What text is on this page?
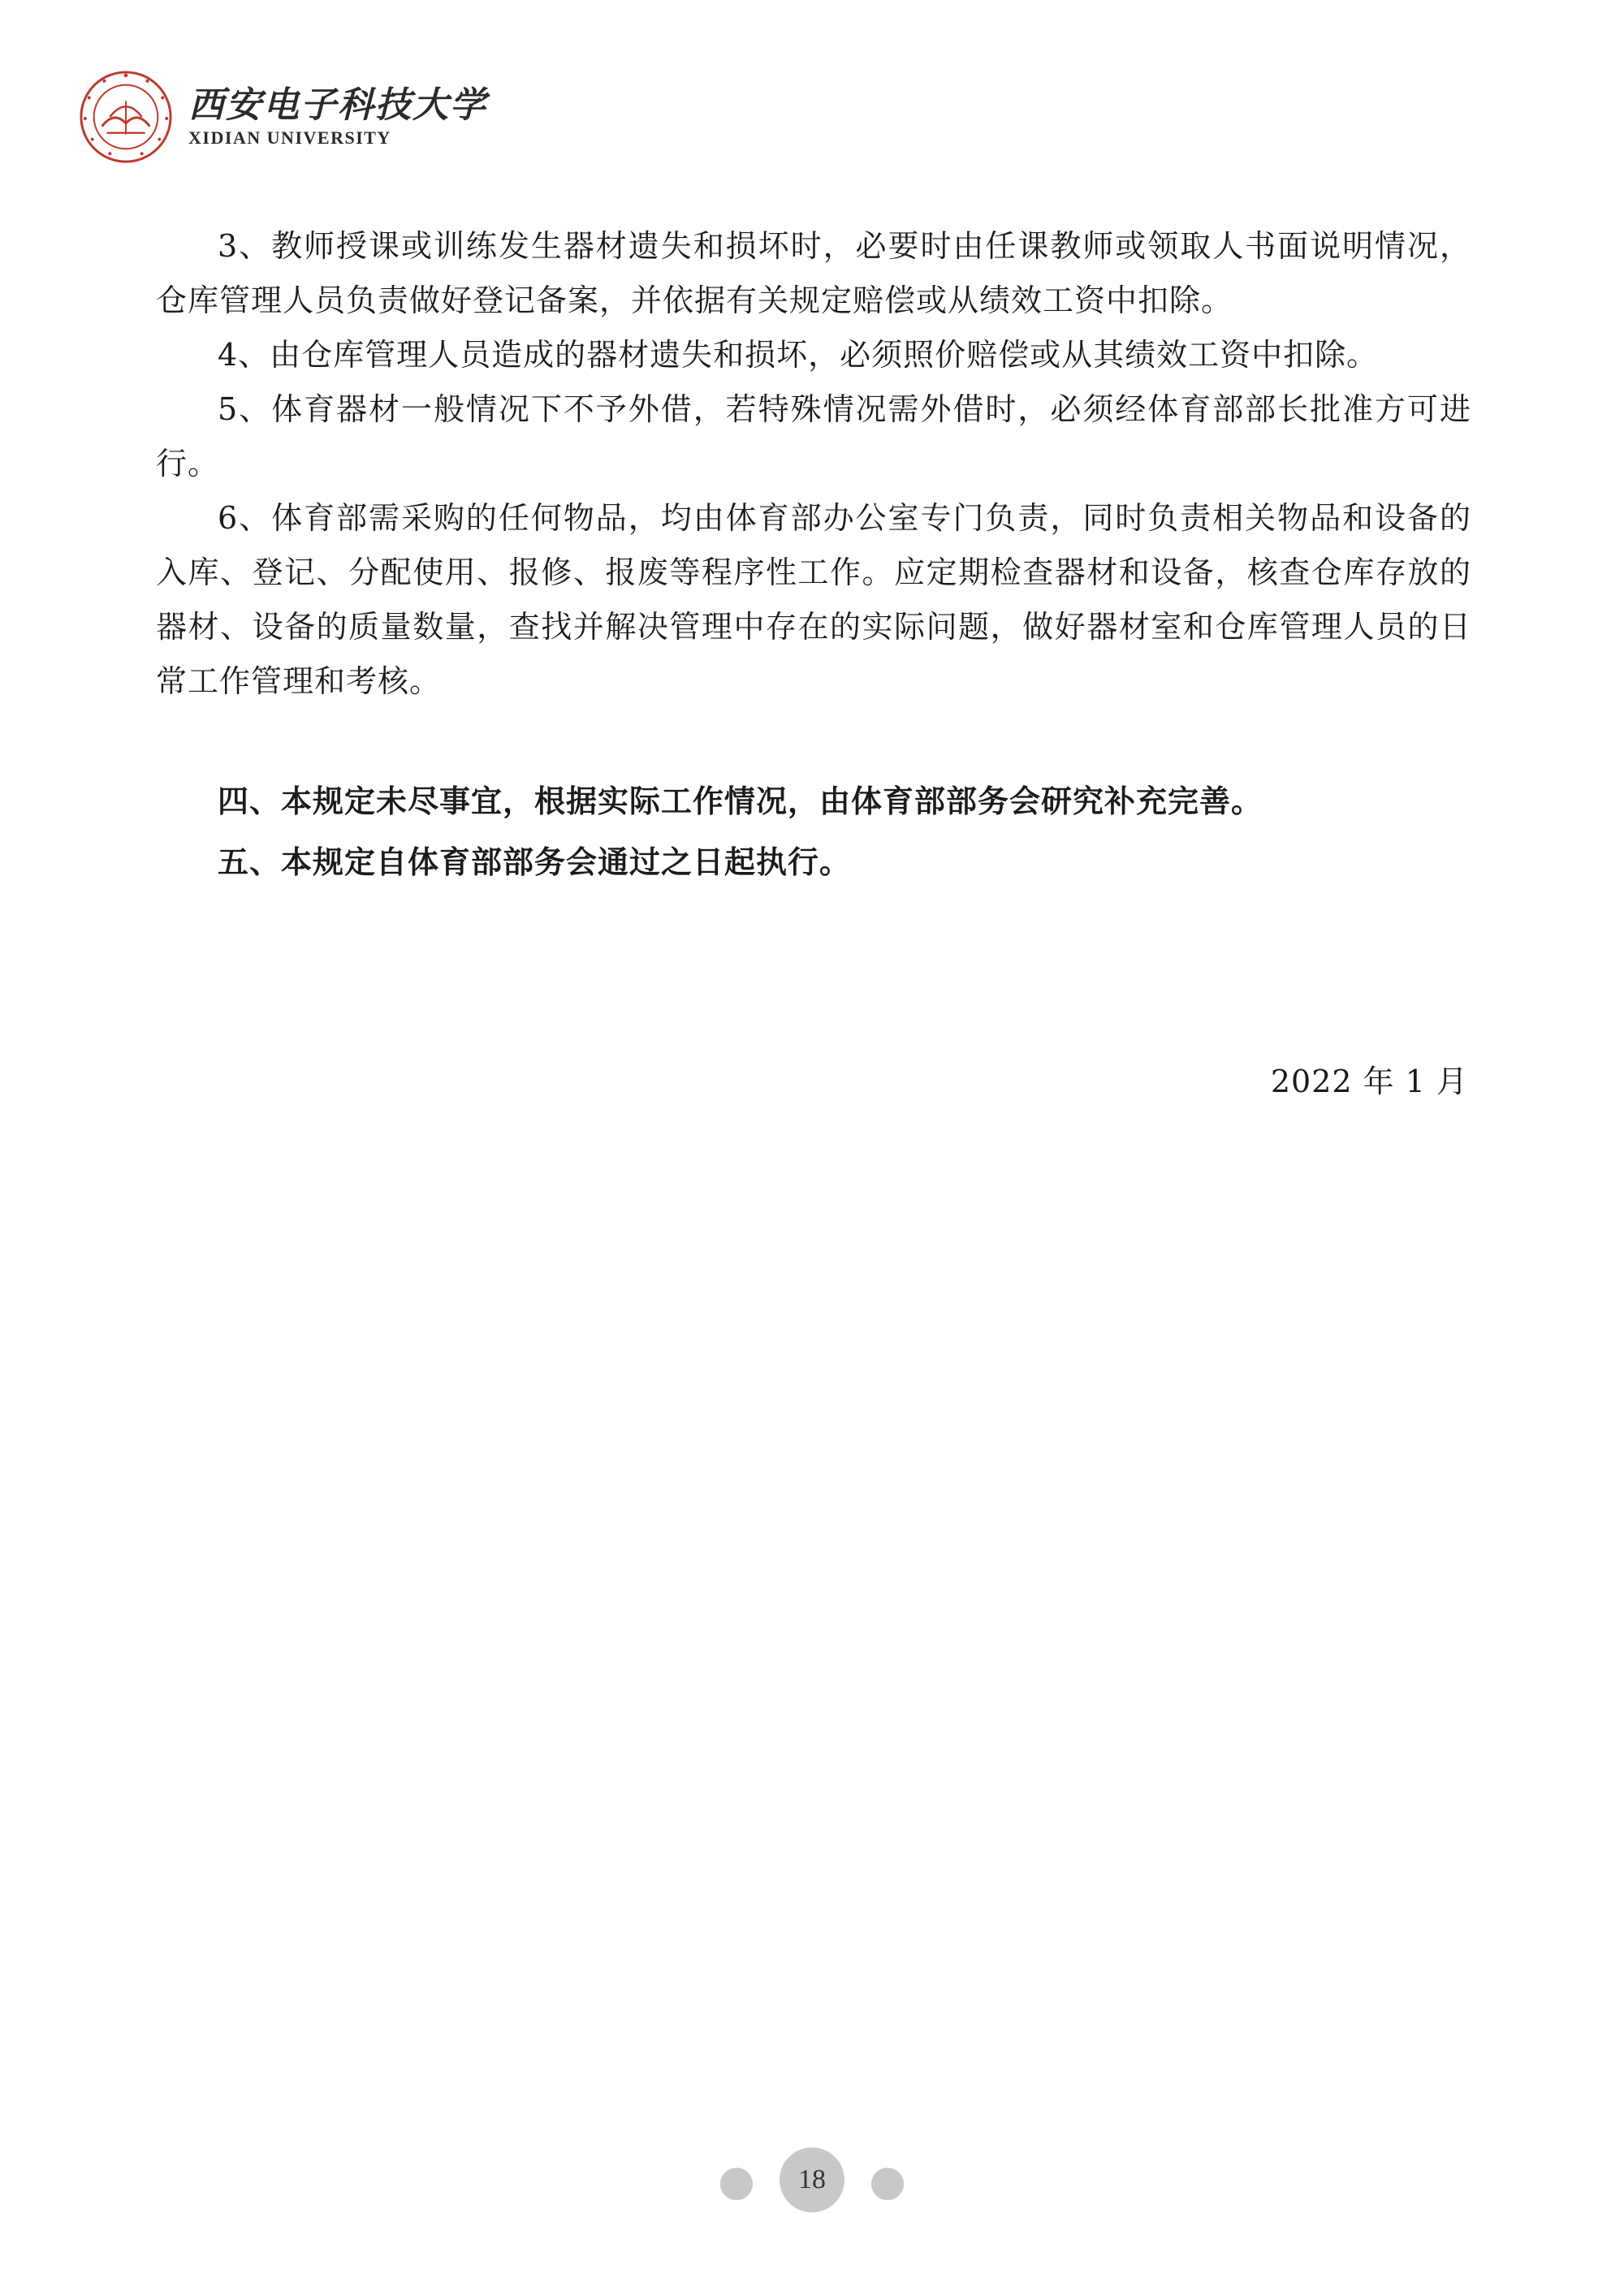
西安电子科技大学
XIDIAN UNIVERSITY

3、教师授课或训练发生器材遗失和损坏时，必要时由任课教师或领取人书面说明情况，仓库管理人员负责做好登记备案，并依据有关规定赔偿或从绩效工资中扣除。

4、由仓库管理人员造成的器材遗失和损坏，必须照价赔偿或从其绩效工资中扣除。

5、体育器材一般情况下不予外借，若特殊情况需外借时，必须经体育部部长批准方可进行。

6、体育部需采购的任何物品，均由体育部办公室专门负责，同时负责相关物品和设备的入库、登记、分配使用、报修、报废等程序性工作。应定期检查器材和设备，核查仓库存放的器材、设备的质量数量，查找并解决管理中存在的实际问题，做好器材室和仓库管理人员的日常工作管理和考核。

四、本规定未尽事宜，根据实际工作情况，由体育部部务会研究补充完善。

五、本规定自体育部部务会通过之日起执行。

2022 年 1 月
18
